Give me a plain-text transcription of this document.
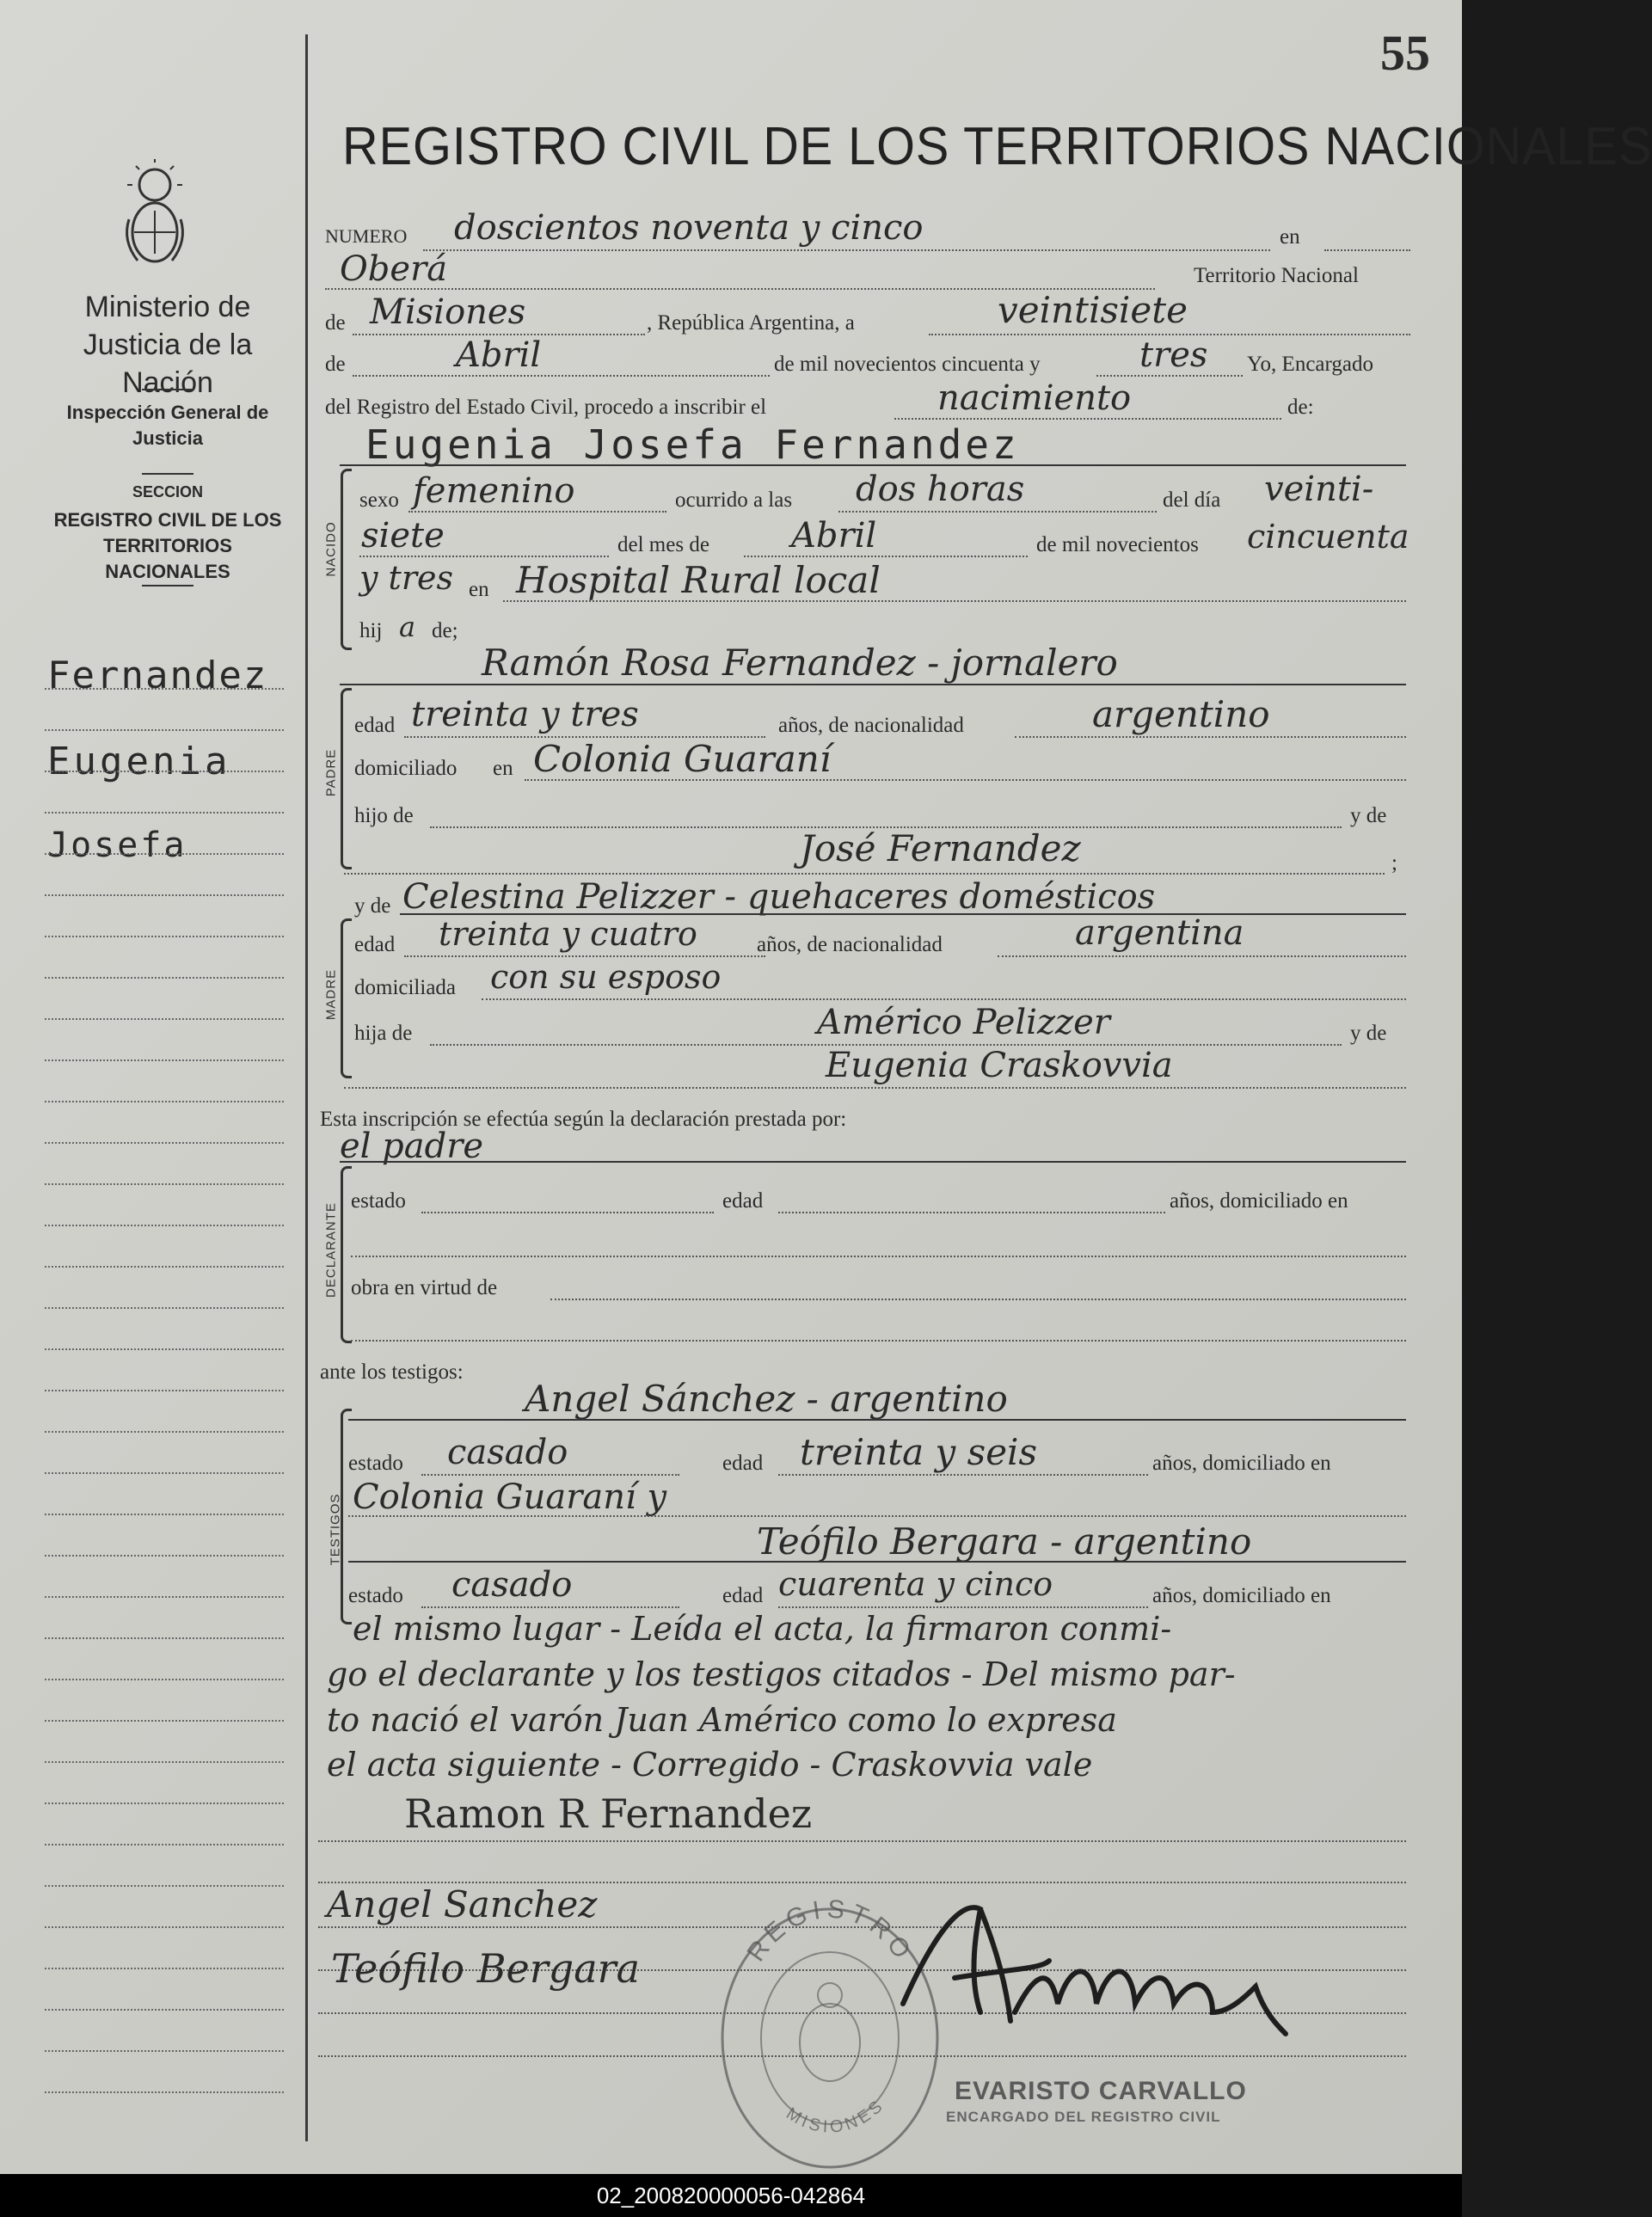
55
Ministerio de Justicia de la Nación
Inspección General de Justicia
SECCION
REGISTRO CIVIL DE LOS TERRITORIOS NACIONALES
Fernandez
Eugenia
Josefa
REGISTRO CIVIL DE LOS TERRITORIOS NACIONALES
NUMERO doscientos noventa y cinco	en
Oberá	Territorio Nacional
de Misiones	, República Argentina, a	veintisiete
de	Abril	de mil novecientos cincuenta y	tres Yo, Encargado
del Registro del Estado Civil, procedo a inscribir el	nacimiento	de:
Eugenia Josefa Fernandez
NACIDO
sexo femenino	ocurrido a las dos horas	del día veinti-
siete	del mes de Abril	de mil novecientos cincuenta
y tres en Hospital Rural local
hij a de;
Ramón Rosa Fernandez - jornalero
PADRE
edad treinta y tres	años, de nacionalidad	argentino
domiciliado en Colonia Guaraní
hijo de	y de
José Fernandez	;
y de Celestina Pelizzer - quehaceres domésticos
MADRE
edad treinta y cuatro	años, de nacionalidad	argentina
domiciliada con su esposo
hija de	Américo Pelizzer	y de
Eugenia Craskovvia
Esta inscripción se efectúa según la declaración prestada por:
el padre
DECLARANTE
estado	edad	años, domiciliado en
obra en virtud de
ante los testigos:
Angel Sánchez - argentino
TESTIGOS
estado casado	edad treinta y seis	años, domiciliado en
Colonia Guaraní y
Teófilo Bergara - argentino
estado casado	edad cuarenta y cinco	años, domiciliado en
el mismo lugar - Leída el acta, la firmaron conmi-
go el declarante y los testigos citados - Del mismo par-
to nació el varón Juan Américo como lo expresa
el acta siguiente - Corregido - Craskovvia vale
Ramon R Fernandez
Angel Sanchez
Teófilo Bergara	REGISTRO
MISIONES
EVARISTO CARVALLO
ENCARGADO DEL REGISTRO CIVIL
02_200820000056-042864
